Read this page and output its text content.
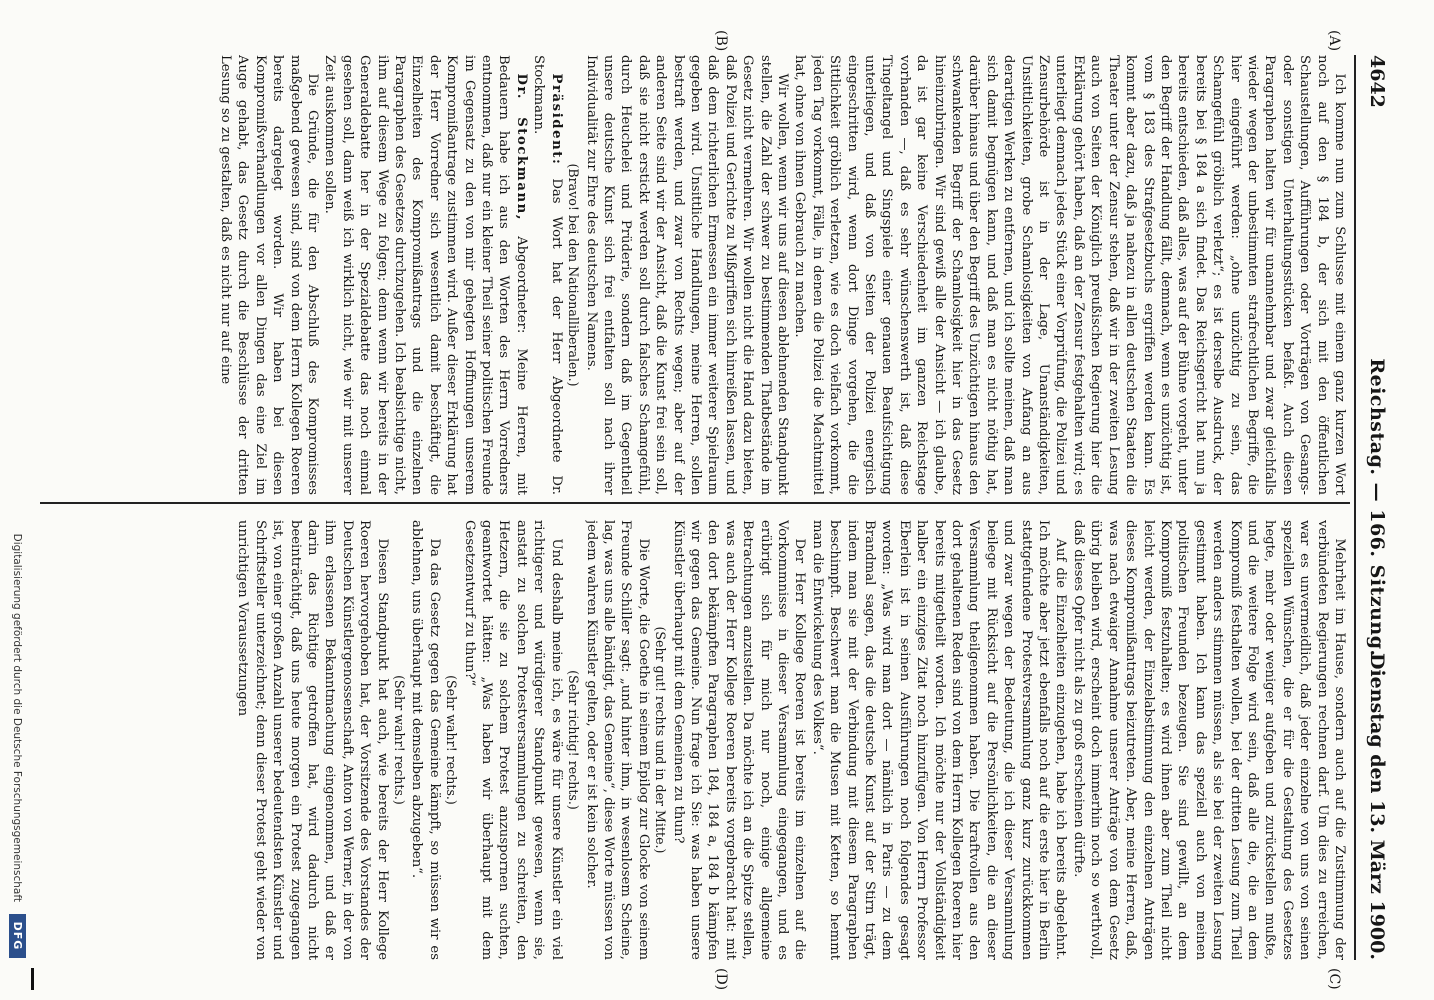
4642
Reichstag. — 166. Sitzung.
Dienstag den 13. März 1900.
(A)
(B)
(C)
(D)

Ich komme nun zum Schlusse mit einem ganz kurzen Wort noch auf den § 184 b, der sich mit den öffentlichen Schaustellungen, Aufführungen oder Vorträgen von Gesangs- oder sonstigen Unterhaltungsstücken befaßt. Auch diesen Paragraphen halten wir für unannehmbar und zwar gleichfalls wieder wegen der unbestimmten strafrechtlichen Begriffe, die hier eingeführt werden: „ohne unzüchtig zu sein, das Schamgefühl gröblich verletzt“; es ist derselbe Ausdruck, der bereits bei § 184 a sich findet. Das Reichsgericht hat nun ja bereits entschieden, daß alles, was auf der Bühne vorgeht, unter den Begriff der Handlung fällt, demnach, wenn es unzüchtig ist, vom § 183 des Strafgesetzbuchs ergriffen werden kann. Es kommt aber dazu, daß ja nahezu in allen deutschen Staaten die Theater unter der Zensur stehen, daß wir in der zweiten Lesung auch von Seiten der Königlich preußischen Regierung hier die Erklärung gehört haben, daß an der Zensur festgehalten wird; es unterliegt demnach jedes Stück einer Vorprüfung, die Polizei und Zensurbehörde ist in der Lage, Unanständigkeiten, Unsittlichkeiten, grobe Schamlosigkeiten von Anfang an aus derartigen Werken zu entfernen, und ich sollte meinen, daß man sich damit begnügen kann, und daß man es nicht nöthig hat, darüber hinaus und über den Begriff des Unzüchtigen hinaus den schwankenden Begriff der Schamlosigkeit hier in das Gesetz hineinzubringen. Wir sind gewiß alle der Ansicht — ich glaube, da ist gar keine Verschiedenheit im ganzen Reichstage vorhanden —, daß es sehr wünschenswerth ist, daß diese Tingeltangel und Singspiele einer genauen Beaufsichtigung unterliegen, und daß von Seiten der Polizei energisch eingeschritten wird, wenn dort Dinge vorgehen, die die Sittlichkeit gröblich verletzen, wie es doch vielfach vorkommt, jeden Tag vorkommt, Fälle, in denen die Polizei die Machtmittel hat, ohne von ihnen Gebrauch zu machen.

Wir wollen, wenn wir uns auf diesen ablehnenden Standpunkt stellen, die Zahl der schwer zu bestimmenden Thatbestände im Gesetz nicht vermehren. Wir wollen nicht die Hand dazu bieten, daß Polizei und Gerichte zu Mißgriffen sich hinreißen lassen, und daß dem richterlichen Ermessen ein immer weiterer Spielraum gegeben wird. Unsittliche Handlungen, meine Herren, sollen bestraft werden, und zwar von Rechts wegen; aber auf der anderen Seite sind wir der Ansicht, daß die Kunst frei sein soll, daß sie nicht erstickt werden soll durch falsches Schamgefühl, durch Heuchelei und Prüderie, sondern daß im Gegentheil unsere deutsche Kunst sich frei entfalten soll nach ihrer Individualität zur Ehre des deutschen Namens.

(Bravo! bei den Nationalliberalen.)

Präsident: Das Wort hat der Herr Abgeordnete Dr. Stockmann.

Dr. Stockmann, Abgeordneter: Meine Herren, mit Bedauern habe ich aus den Worten des Herrn Vorredners entnommen, daß nur ein kleiner Theil seiner politischen Freunde im Gegensatz zu den von mir gehegten Hoffnungen unserem Kompromißantrage zustimmen wird. Außer dieser Erklärung hat der Herr Vorredner sich wesentlich damit beschäftigt, die Einzelheiten des Kompromißantrags und die einzelnen Paragraphen des Gesetzes durchzugehen. Ich beabsichtige nicht, ihm auf diesem Wege zu folgen; denn wenn wir bereits in der Generaldebatte her in der Spezialdebatte das noch einmal gesehen soll, dann weiß ich wirklich nicht, wie wir mit unserer Zeit auskommen sollen.

Die Gründe, die für den Abschluß des Kompromisses maßgebend gewesen sind, sind von dem Herrn Kollegen Roeren bereits dargelegt worden. Wir haben bei diesen Kompromißverhandlungen vor allen Dingen das eine Ziel im Auge gehabt, das Gesetz durch die Beschlüsse der dritten Lesung so zu gestalten, daß es nicht nur auf eine

Mehrheit im Hause, sondern auch auf die Zustimmung der verbündeten Regierungen rechnen darf. Um dies zu erreichen, war es unvermeidlich, daß jeder einzelne von uns von seinen speziellen Wünschen, die er für die Gestaltung des Gesetzes hegte, mehr oder weniger aufgeben und zurückstellen mußte, und die weitere Folge wird sein, daß alle die, die an dem Kompromiß festhalten wollen, bei der dritten Lesung zum Theil werden anders stimmen müssen, als sie bei der zweiten Lesung gestimmt haben. Ich kann das speziell auch von meinen politischen Freunden bezeugen. Sie sind gewillt, an dem Kompromiß festzuhalten; es wird ihnen aber zum Theil nicht leicht werden, der Einzelabstimmung den einzelnen Anträgen dieses Kompromißantrags beizutreten. Aber, meine Herren, daß, was nach etwaiger Annahme unserer Anträge von dem Gesetz übrig bleiben wird, erscheint doch immerhin noch so werthvoll, daß dieses Opfer nicht als zu groß erscheinen dürfte.

Auf die Einzelheiten einzugehen, habe ich bereits abgelehnt. Ich möchte aber jetzt ebenfalls noch auf die erste hier in Berlin stattgefundene Protestversammlung ganz kurz zurückkommen und zwar wegen der Bedeutung, die ich dieser Versammlung beilege mit Rücksicht auf die Persönlichkeiten, die an dieser Versammlung theilgenommen haben. Die kraftvollen aus den dort gehaltenen Reden sind von dem Herrn Kollegen Roeren hier bereits mitgetheilt worden. Ich möchte nur der Vollständigkeit halber ein einziges Zitat noch hinzufügen. Von Herrn Professor Eberlein ist in seinen Ausführungen noch folgendes gesagt worden: „Was wird man dort — nämlich in Paris — zu dem Brandmal sagen, das die deutsche Kunst auf der Stirn trägt, indem man sie mit der Verbindung mit diesem Paragraphen beschimpft. Beschwert man die Musen mit Ketten, so hemmt man die Entwickelung des Volkes“.

Der Herr Kollege Roeren ist bereits im einzelnen auf die Vorkommnisse in dieser Versammlung eingegangen, und es erübrigt sich für mich nur noch, einige allgemeine Betrachtungen anzustellen. Da möchte ich an die Spitze stellen, was auch der Herr Kollege Roeren bereits vorgebracht hat: mit den dort bekämpften Paragraphen 184, 184 a, 184 b kämpfen wir gegen das Gemeine. Nun frage ich Sie: was haben unsere Künstler überhaupt mit dem Gemeinen zu thun?

(Sehr gut! rechts und in der Mitte.)

Die Worte, die Goethe in seinem Epilog zur Glocke von seinem Freunde Schiller sagt: „und hinter ihm, in wesenlosem Scheine, lag, was uns alle bändigt, das Gemeine“, diese Worte müssen von jedem wahren Künstler gelten, oder er ist kein solcher.

(Sehr richtig! rechts.)

Und deshalb meine ich, es wäre für unsere Künstler ein viel richtigerer und würdigerer Standpunkt gewesen, wenn sie, anstatt zu solchen Protestversammlungen zu schreiten, den Hetzern, die sie zu solchem Protest anzuspornen suchten, geantwortet hätten: „Was haben wir überhaupt mit dem Gesetzentwurf zu thun?“

(Sehr wahr! rechts.)

Da das Gesetz gegen das Gemeine kämpft, so müssen wir es ablehnen, uns überhaupt mit demselben abzugeben“.

(Sehr wahr! rechts.)

Diesen Standpunkt hat auch, wie bereits der Herr Kollege Roeren hervorgehoben hat, der Vorsitzende des Vorstandes der Deutschen Künstlergenossenschaft, Anton von Werner, in der von ihm erlassenen Bekanntmachung eingenommen, und daß er darin das Richtige getroffen hat, wird dadurch nicht beeinträchtigt, daß uns heute morgen ein Protest zugegangen ist, von einer großen Anzahl unserer bedeutendsten Künstler und Schriftsteller unterzeichnet; denn dieser Protest geht wieder von unrichtigen Voraussetzungen

Digitalisierung gefördert durch die Deutsche Forschungsgemeinschaft
DFG
